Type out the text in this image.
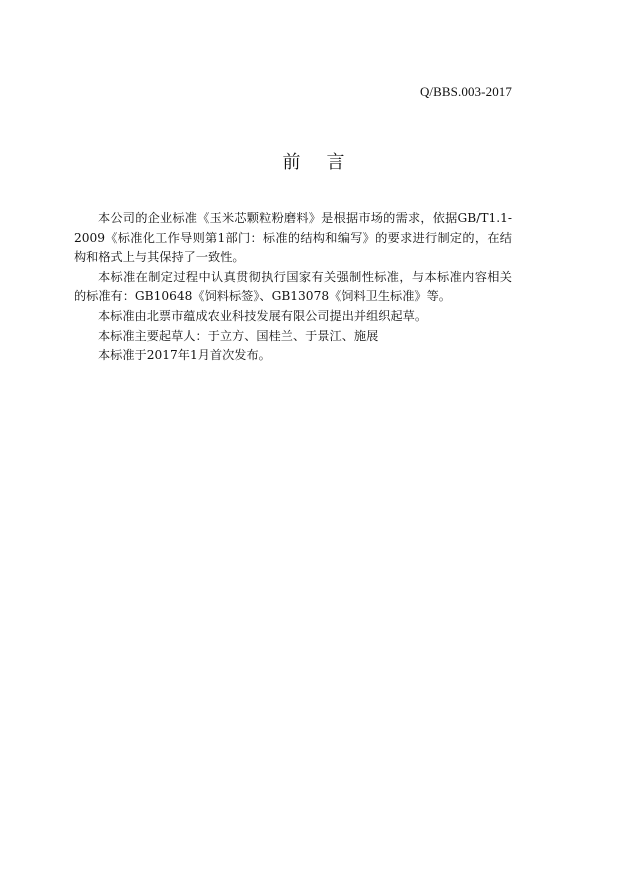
Q/BBS.003-2017
前言

本公司的企业标准《玉米芯颗粒粉磨料》是根据市场的需求，依据GB/T1.1-2009《标准化工作导则第1部门：标准的结构和编写》的要求进行制定的，在结构和格式上与其保持了一致性。

本标准在制定过程中认真贯彻执行国家有关强制性标准，与本标准内容相关的标准有：GB10648《饲料标签》、GB13078《饲料卫生标准》等。

本标准由北票市蕴成农业科技发展有限公司提出并组织起草。

本标准主要起草人：于立方、国桂兰、于景江、施展

本标准于2017年1月首次发布。
